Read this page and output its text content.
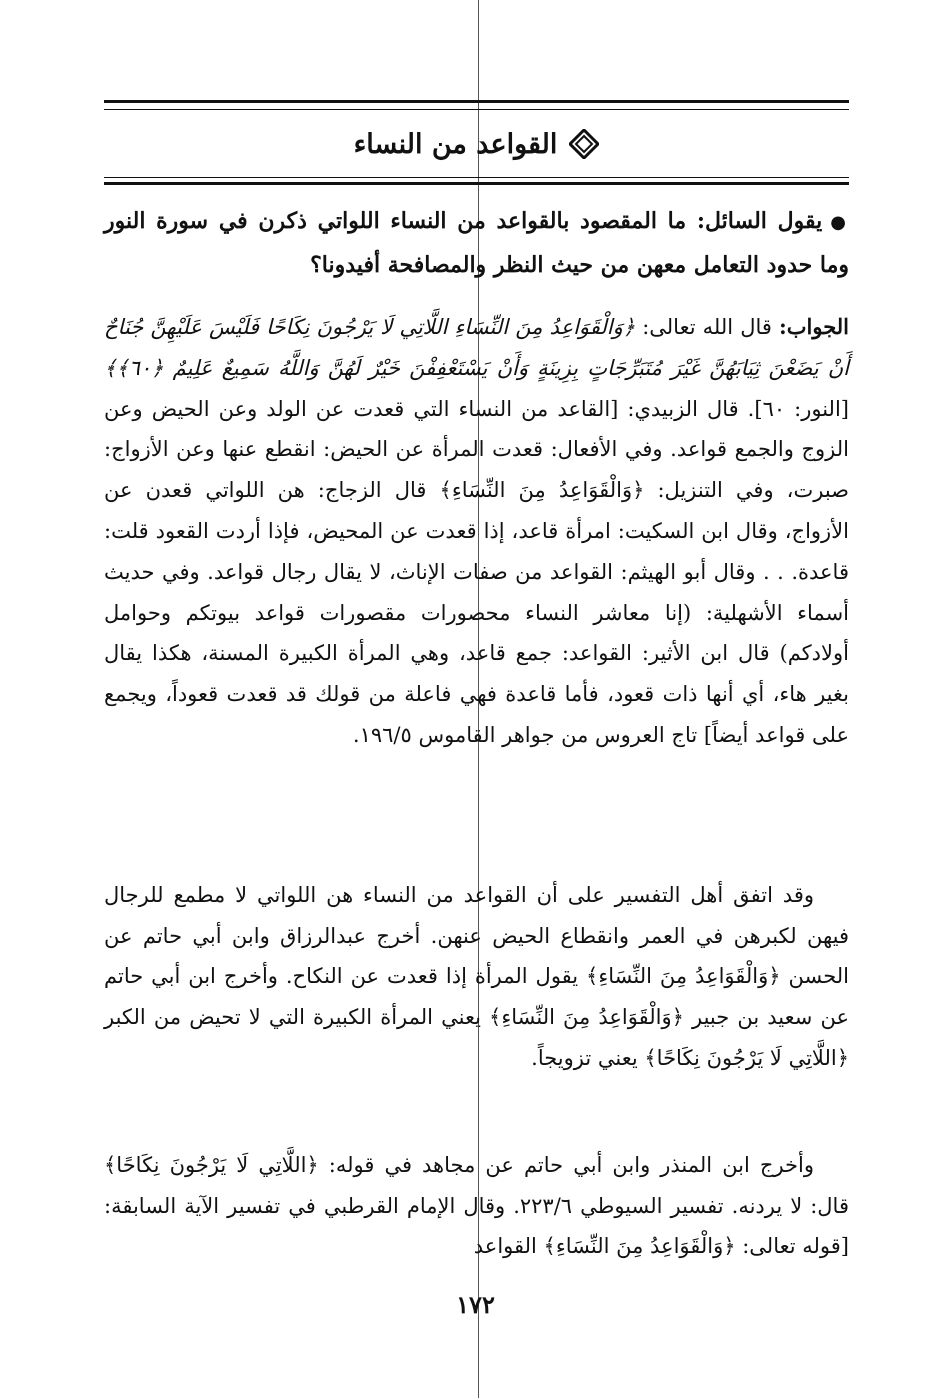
القواعد من النساء
●يقول السائل: ما المقصود بالقواعد من النساء اللواتي ذكرن في سورة النور وما حدود التعامل معهن من حيث النظر والمصافحة أفيدونا؟
الجواب: قال الله تعالى: ﴿وَالْقَوَاعِدُ مِنَ النِّسَاءِ اللَّاتِي لَا يَرْجُونَ نِكَاحًا فَلَيْسَ عَلَيْهِنَّ جُنَاحٌ أَنْ يَضَعْنَ ثِيَابَهُنَّ غَيْرَ مُتَبَرِّجَاتٍ بِزِينَةٍ وَأَنْ يَسْتَعْفِفْنَ خَيْرٌ لَهُنَّ وَاللَّهُ سَمِيعٌ عَلِيمٌ ﴿٦٠﴾﴾ [النور: ٦٠]. قال الزبيدي: [القاعد من النساء التي قعدت عن الولد وعن الحيض وعن الزوج والجمع قواعد. وفي الأفعال: قعدت المرأة عن الحيض: انقطع عنها وعن الأزواج: صبرت، وفي التنزيل: ﴿وَالْقَوَاعِدُ مِنَ النِّسَاءِ﴾ قال الزجاج: هن اللواتي قعدن عن الأزواج، وقال ابن السكيت: امرأة قاعد، إذا قعدت عن المحيض، فإذا أردت القعود قلت: قاعدة. . . وقال أبو الهيثم: القواعد من صفات الإناث، لا يقال رجال قواعد. وفي حديث أسماء الأشهلية: (إنا معاشر النساء محصورات مقصورات قواعد بيوتكم وحوامل أولادكم) قال ابن الأثير: القواعد: جمع قاعد، وهي المرأة الكبيرة المسنة، هكذا يقال بغير هاء، أي أنها ذات قعود، فأما قاعدة فهي فاعلة من قولك قد قعدت قعوداً، ويجمع على قواعد أيضاً] تاج العروس من جواهر القاموس ١٩٦/٥.
وقد اتفق أهل التفسير على أن القواعد من النساء هن اللواتي لا مطمع للرجال فيهن لكبرهن في العمر وانقطاع الحيض عنهن. أخرج عبدالرزاق وابن أبي حاتم عن الحسن ﴿وَالْقَوَاعِدُ مِنَ النِّسَاءِ﴾ يقول المرأة إذا قعدت عن النكاح. وأخرج ابن أبي حاتم عن سعيد بن جبير ﴿وَالْقَوَاعِدُ مِنَ النِّسَاءِ﴾ يعني المرأة الكبيرة التي لا تحيض من الكبر ﴿اللَّاتِي لَا يَرْجُونَ نِكَاحًا﴾ يعني تزويجاً.
وأخرج ابن المنذر وابن أبي حاتم عن مجاهد في قوله: ﴿اللَّاتِي لَا يَرْجُونَ نِكَاحًا﴾ قال: لا يردنه. تفسير السيوطي ٢٢٣/٦. وقال الإمام القرطبي في تفسير الآية السابقة: [قوله تعالى: ﴿وَالْقَوَاعِدُ مِنَ النِّسَاءِ﴾ القواعد
١٧٢
